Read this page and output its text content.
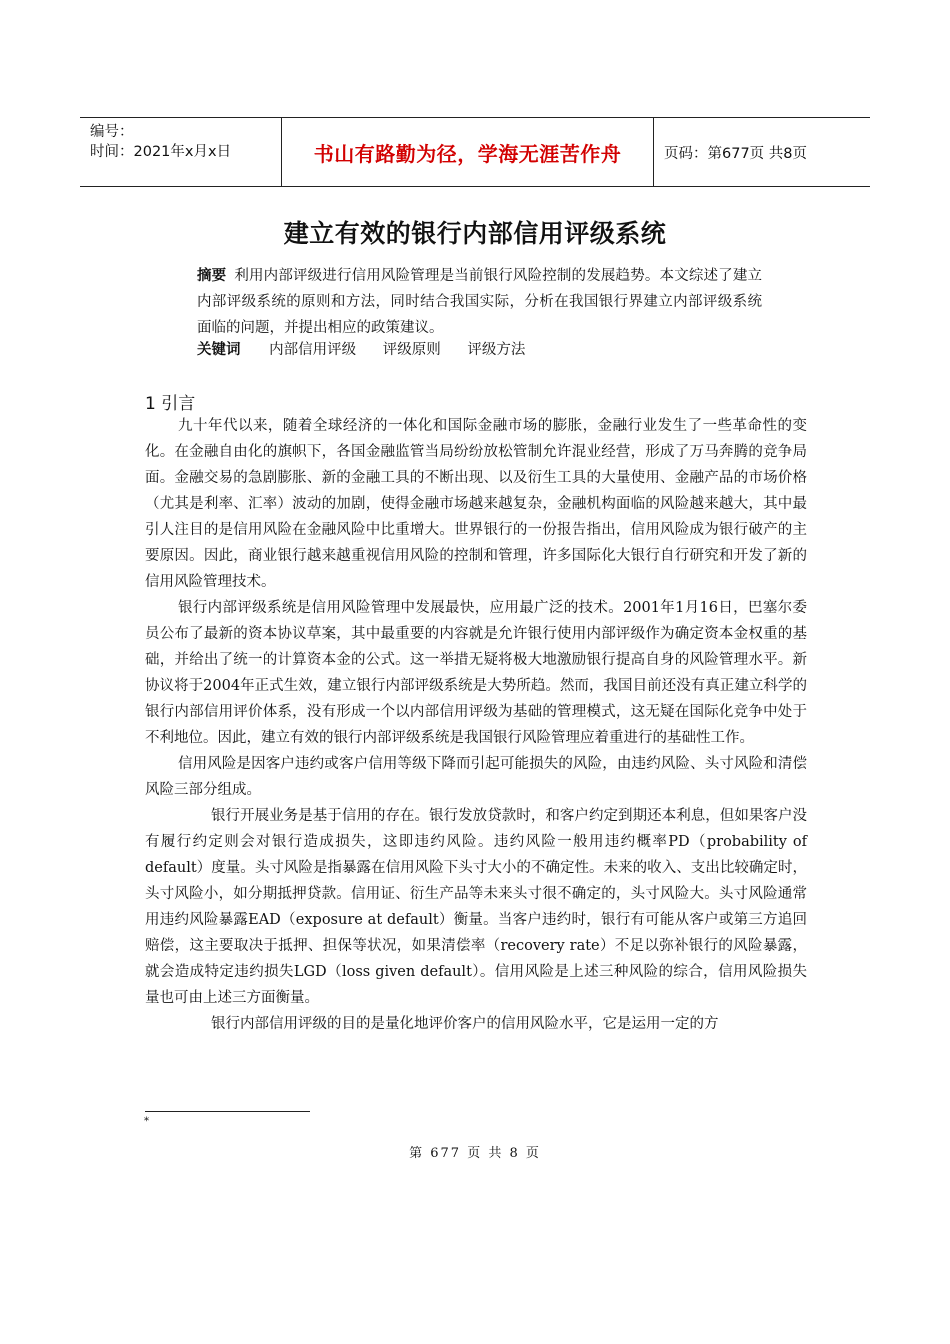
编号：
时间：2021年x月x日	书山有路勤为径，学海无涯苦作舟	页码：第677页 共8页
建立有效的银行内部信用评级系统
摘要 利用内部评级进行信用风险管理是当前银行风险控制的发展趋势。本文综述了建立内部评级系统的原则和方法，同时结合我国实际，分析在我国银行界建立内部评级系统面临的问题，并提出相应的政策建议。
关键词 内部信用评级 评级原则 评级方法
1 引言

九十年代以来，随着全球经济的一体化和国际金融市场的膨胀，金融行业发生了一些革命性的变化。在金融自由化的旗帜下，各国金融监管当局纷纷放松管制允许混业经营，形成了万马奔腾的竞争局面。金融交易的急剧膨胀、新的金融工具的不断出现、以及衍生工具的大量使用、金融产品的市场价格（尤其是利率、汇率）波动的加剧，使得金融市场越来越复杂，金融机构面临的风险越来越大，其中最引人注目的是信用风险在金融风险中比重增大。世界银行的一份报告指出，信用风险成为银行破产的主要原因。因此，商业银行越来越重视信用风险的控制和管理，许多国际化大银行自行研究和开发了新的信用风险管理技术。

银行内部评级系统是信用风险管理中发展最快，应用最广泛的技术。2001年1月16日，巴塞尔委员公布了最新的资本协议草案，其中最重要的内容就是允许银行使用内部评级作为确定资本金权重的基础，并给出了统一的计算资本金的公式。这一举措无疑将极大地激励银行提高自身的风险管理水平。新协议将于2004年正式生效，建立银行内部评级系统是大势所趋。然而，我国目前还没有真正建立科学的银行内部信用评价体系，没有形成一个以内部信用评级为基础的管理模式，这无疑在国际化竞争中处于不利地位。因此，建立有效的银行内部评级系统是我国银行风险管理应着重进行的基础性工作。

信用风险是因客户违约或客户信用等级下降而引起可能损失的风险，由违约风险、头寸风险和清偿风险三部分组成。

银行开展业务是基于信用的存在。银行发放贷款时，和客户约定到期还本利息，但如果客户没有履行约定则会对银行造成损失，这即违约风险。违约风险一般用违约概率PD（probability of default）度量。头寸风险是指暴露在信用风险下头寸大小的不确定性。未来的收入、支出比较确定时，头寸风险小，如分期抵押贷款。信用证、衍生产品等未来头寸很不确定的，头寸风险大。头寸风险通常用违约风险暴露EAD（exposure at default）衡量。当客户违约时，银行有可能从客户或第三方追回赔偿，这主要取决于抵押、担保等状况，如果清偿率（recovery rate）不足以弥补银行的风险暴露，就会造成特定违约损失LGD（loss given default）。信用风险是上述三种风险的综合，信用风险损失量也可由上述三方面衡量。

银行内部信用评级的目的是量化地评价客户的信用风险水平，它是运用一定的方

*
第 677 页 共 8 页
